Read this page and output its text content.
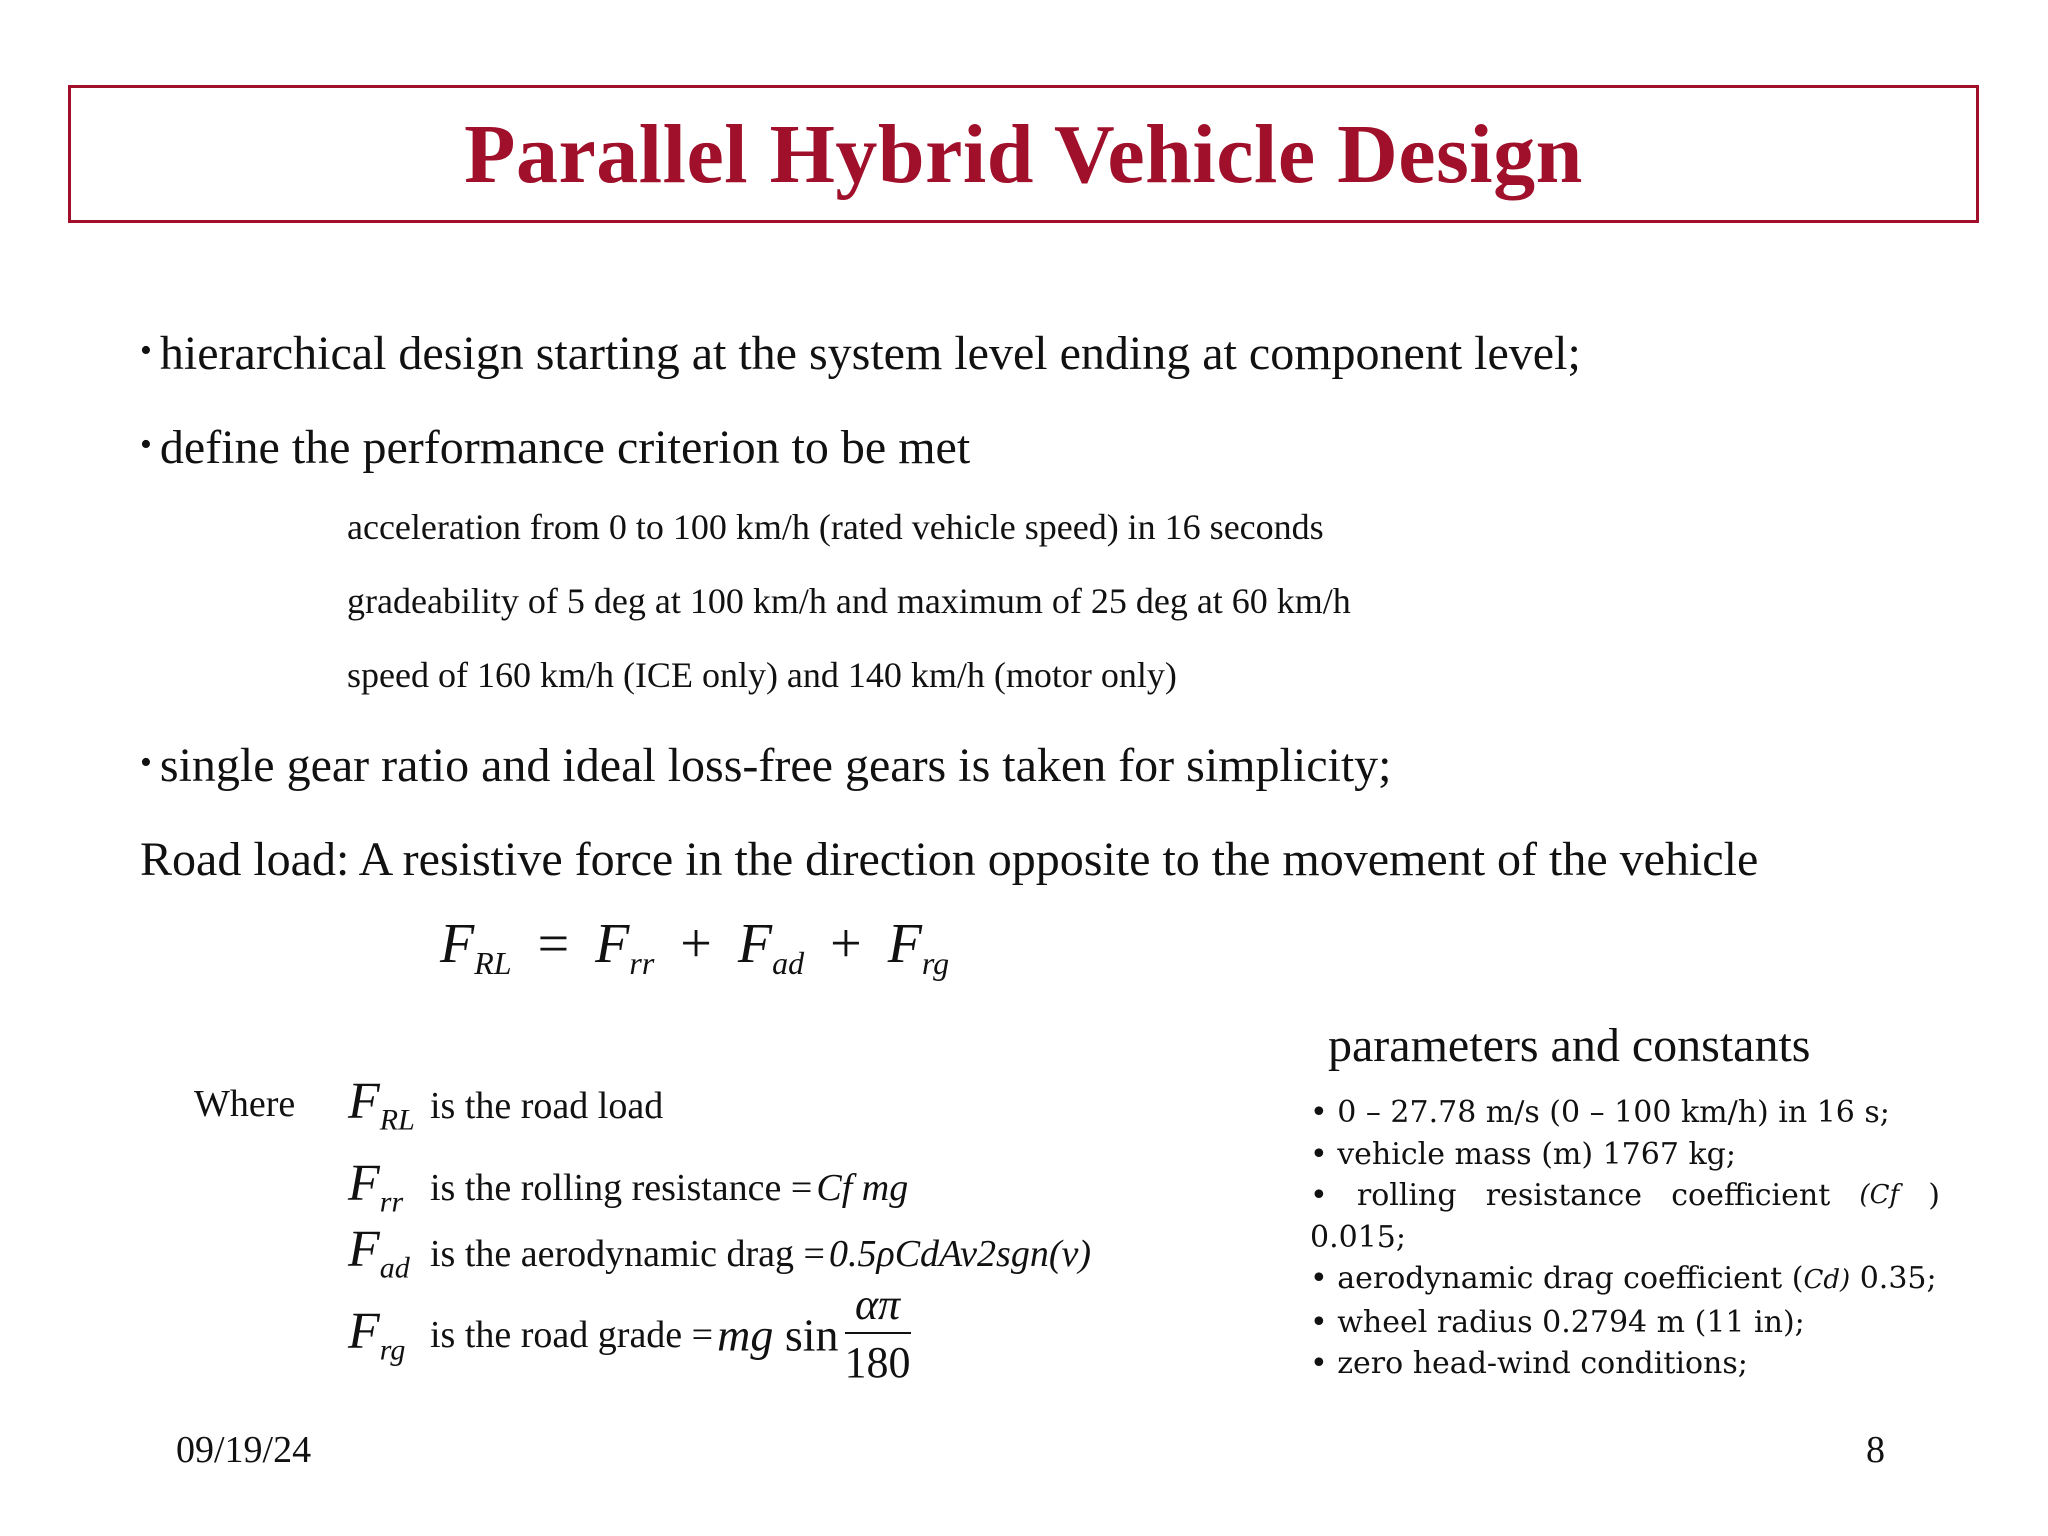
Parallel Hybrid Vehicle Design
• hierarchical design starting at the system level ending at component level;
• define the performance criterion to be met
acceleration from 0 to 100 km/h (rated vehicle speed) in 16 seconds
gradeability of 5 deg at 100 km/h and maximum of 25 deg at 60 km/h
speed of 160 km/h (ICE only) and 140 km/h (motor only)
• single gear ratio and ideal loss-free gears is taken for simplicity;
Road load: A resistive force in the direction opposite to the movement of the vehicle
$F_{RL} = F_{rr} + F_{ad} + F_{rg}$
Where $F_{RL}$ is the road load
$F_{rr}$ is the rolling resistance = Cf mg
$F_{ad}$ is the aerodynamic drag = 0.5ρCdAv2sgn(v)
$F_{rg}$ is the road grade = mg $\sin \frac{\alpha\pi}{180}$
parameters and constants
• 0 – 27.78 m/s (0 – 100 km/h) in 16 s;
• vehicle mass (m) 1767 kg;
• rolling resistance coefficient (Cf )
0.015;
• aerodynamic drag coefficient (Cd) 0.35;
• wheel radius 0.2794 m (11 in);
• zero head-wind conditions;
09/19/24	8
